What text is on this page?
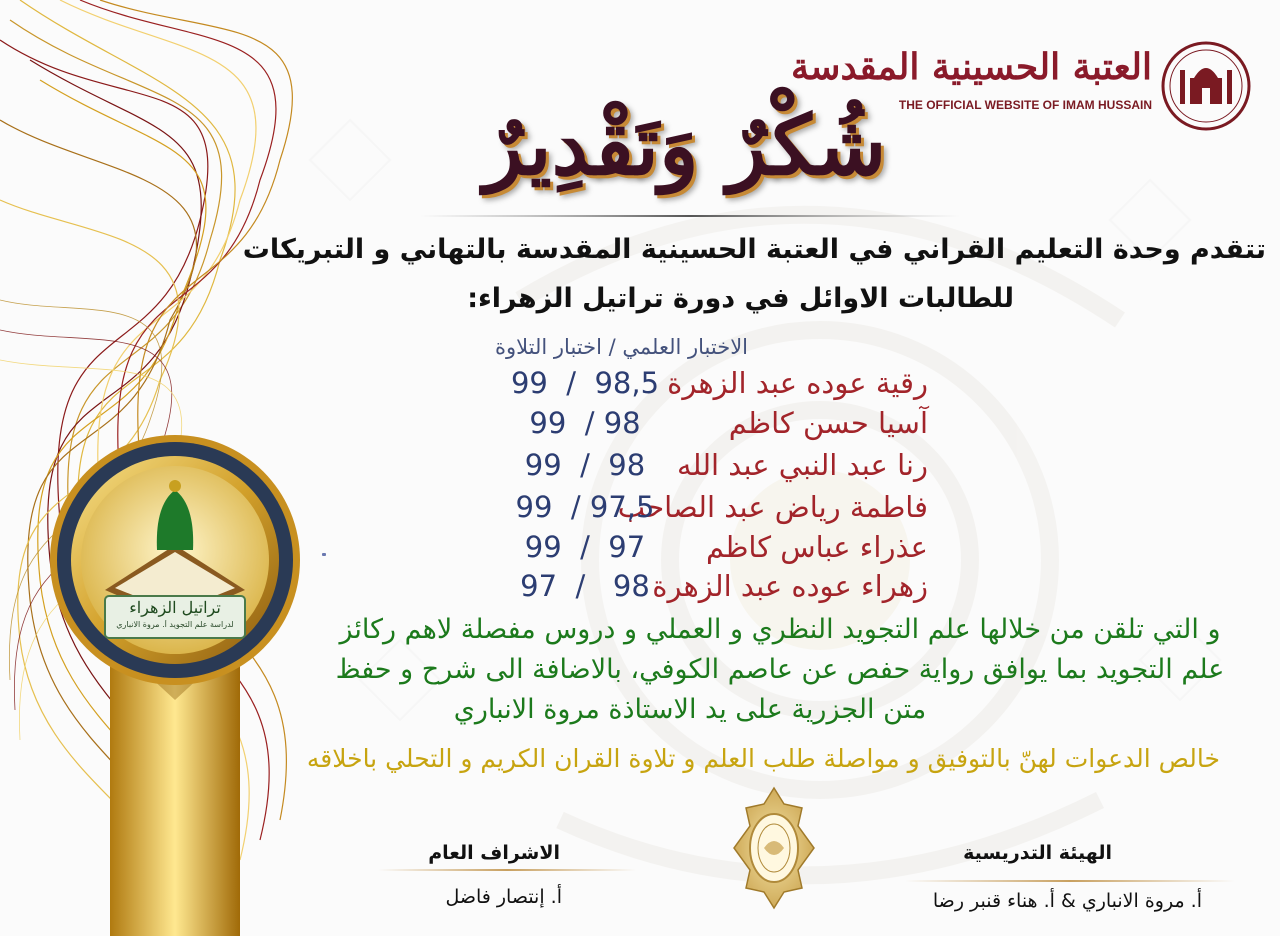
تراتيل الزهراء
لدراسة علم التجويد أ. مروة الانباري
العتبة الحسينية المقدسة
THE OFFICIAL WEBSITE OF IMAM HUSSAIN
شُكْرٌ وَتَقْدِيرٌ
تتقدم وحدة التعليم القراني في العتبة الحسينية المقدسة بالتهاني و التبريكات
للطالبات الاوائل في دورة تراتيل الزهراء:
الاختبار العلمي / اختبار التلاوة
رقية عوده عبد الزهرة
99  /  98,5
آسيا حسن كاظم
99  / 98
رنا عبد النبي عبد الله
99  /  98
فاطمة رياض عبد الصاحب
99  / 97,5
عذراء عباس كاظم
99  /  97
زهراء عوده عبد الزهرة
97  /   98
و التي تلقن من خلالها علم التجويد النظري و العملي و دروس مفصلة لاهم ركائز
علم التجويد بما يوافق رواية حفص عن عاصم الكوفي، بالاضافة الى شرح و حفظ
متن الجزرية على يد الاستاذة مروة الانباري
خالص الدعوات لهنّ بالتوفيق و مواصلة طلب العلم و تلاوة القران الكريم و التحلي باخلاقه
الهيئة التدريسية
أ. مروة الانباري & أ. هناء قنبر رضا
الاشراف العام
أ. إنتصار فاضل
